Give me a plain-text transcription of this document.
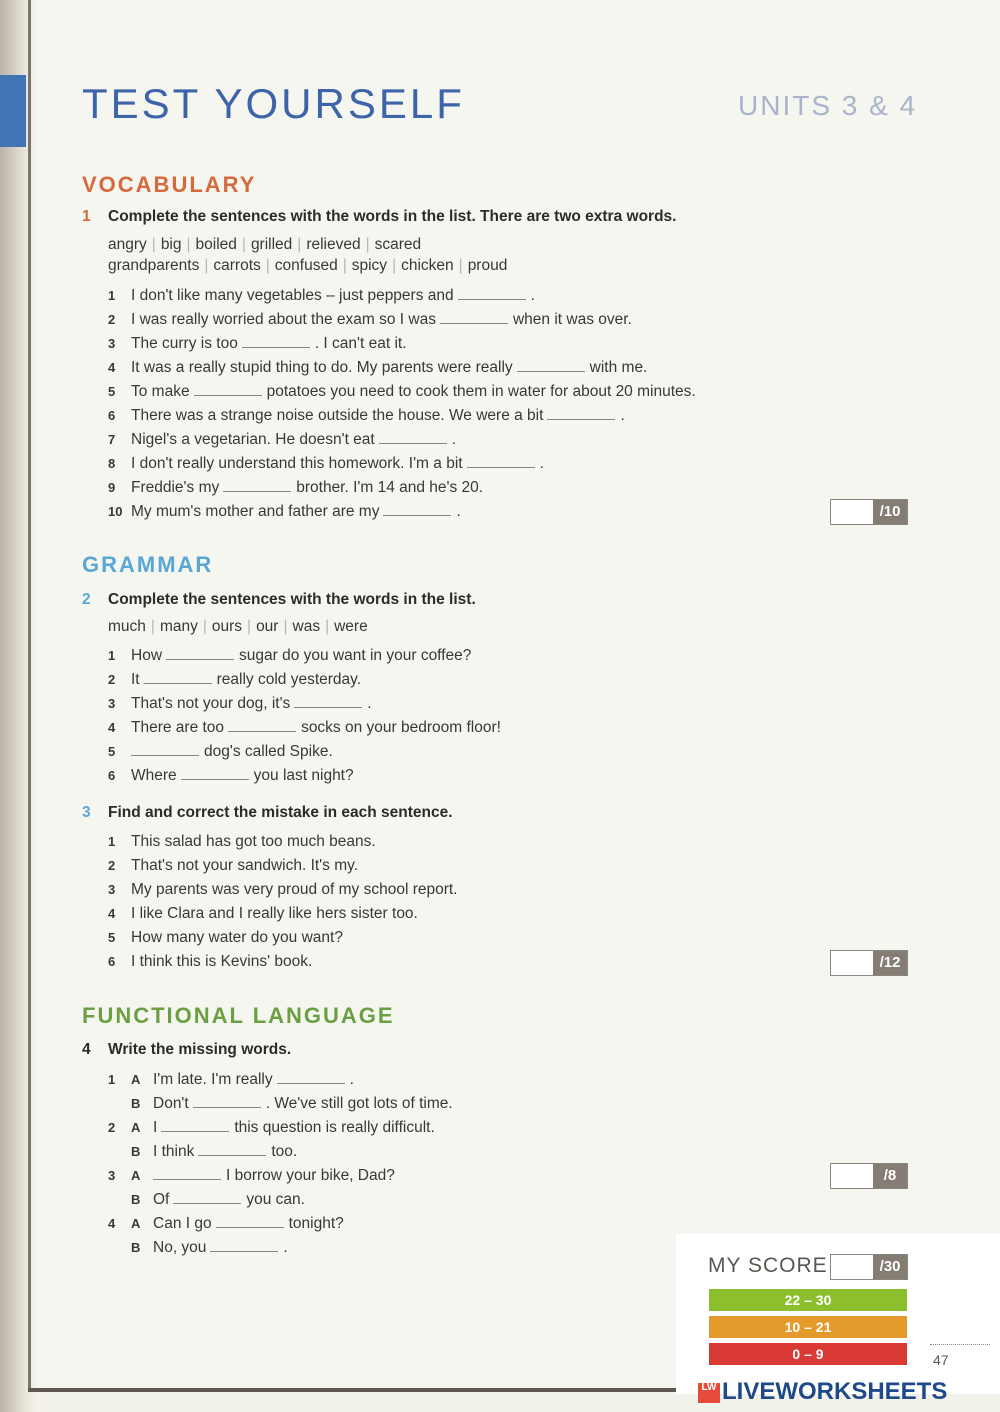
TEST YOURSELF	UNITS 3 & 4
VOCABULARY
1 Complete the sentences with the words in the list. There are two extra words.
angry | big | boiled | grilled | relieved | scared
grandparents | carrots | confused | spicy | chicken | proud
1 I don't like many vegetables – just peppers and	.
2 I was really worried about the exam so I was	when it was over.
3 The curry is too	. I can't eat it.
4 It was a really stupid thing to do. My parents were really	with me.
5 To make	potatoes you need to cook them in water for about 20 minutes.
6 There was a strange noise outside the house. We were a bit	.
7 Nigel's a vegetarian. He doesn't eat	.
8 I don't really understand this homework. I'm a bit	.
9 Freddie's my	brother. I'm 14 and he's 20.
10 My mum's mother and father are my	.	/10
GRAMMAR
2 Complete the sentences with the words in the list.
much | many | ours | our | was | were
1 How	sugar do you want in your coffee?
2 It	really cold yesterday.
3 That's not your dog, it's	.
4 There are too	socks on your bedroom floor!
5	dog's called Spike.
6 Where	you last night?
3 Find and correct the mistake in each sentence.
1 This salad has got too much beans.
2 That's not your sandwich. It's my.
3 My parents was very proud of my school report.
4 I like Clara and I really like hers sister too.
5 How many water do you want?
6 I think this is Kevins' book.	/12
FUNCTIONAL LANGUAGE
4 Write the missing words.
1 A I'm late. I'm really	.
B Don't	. We've still got lots of time.
2 A I	this question is really difficult.
B I think	too.
3 A	I borrow your bike, Dad?
B Of	you can.
4 A Can I go	tonight?
B No, you	.
/8
MY SCORE	/30
22 – 30
10 – 21
0 – 9	47
LW LIVEWORKSHEETS
